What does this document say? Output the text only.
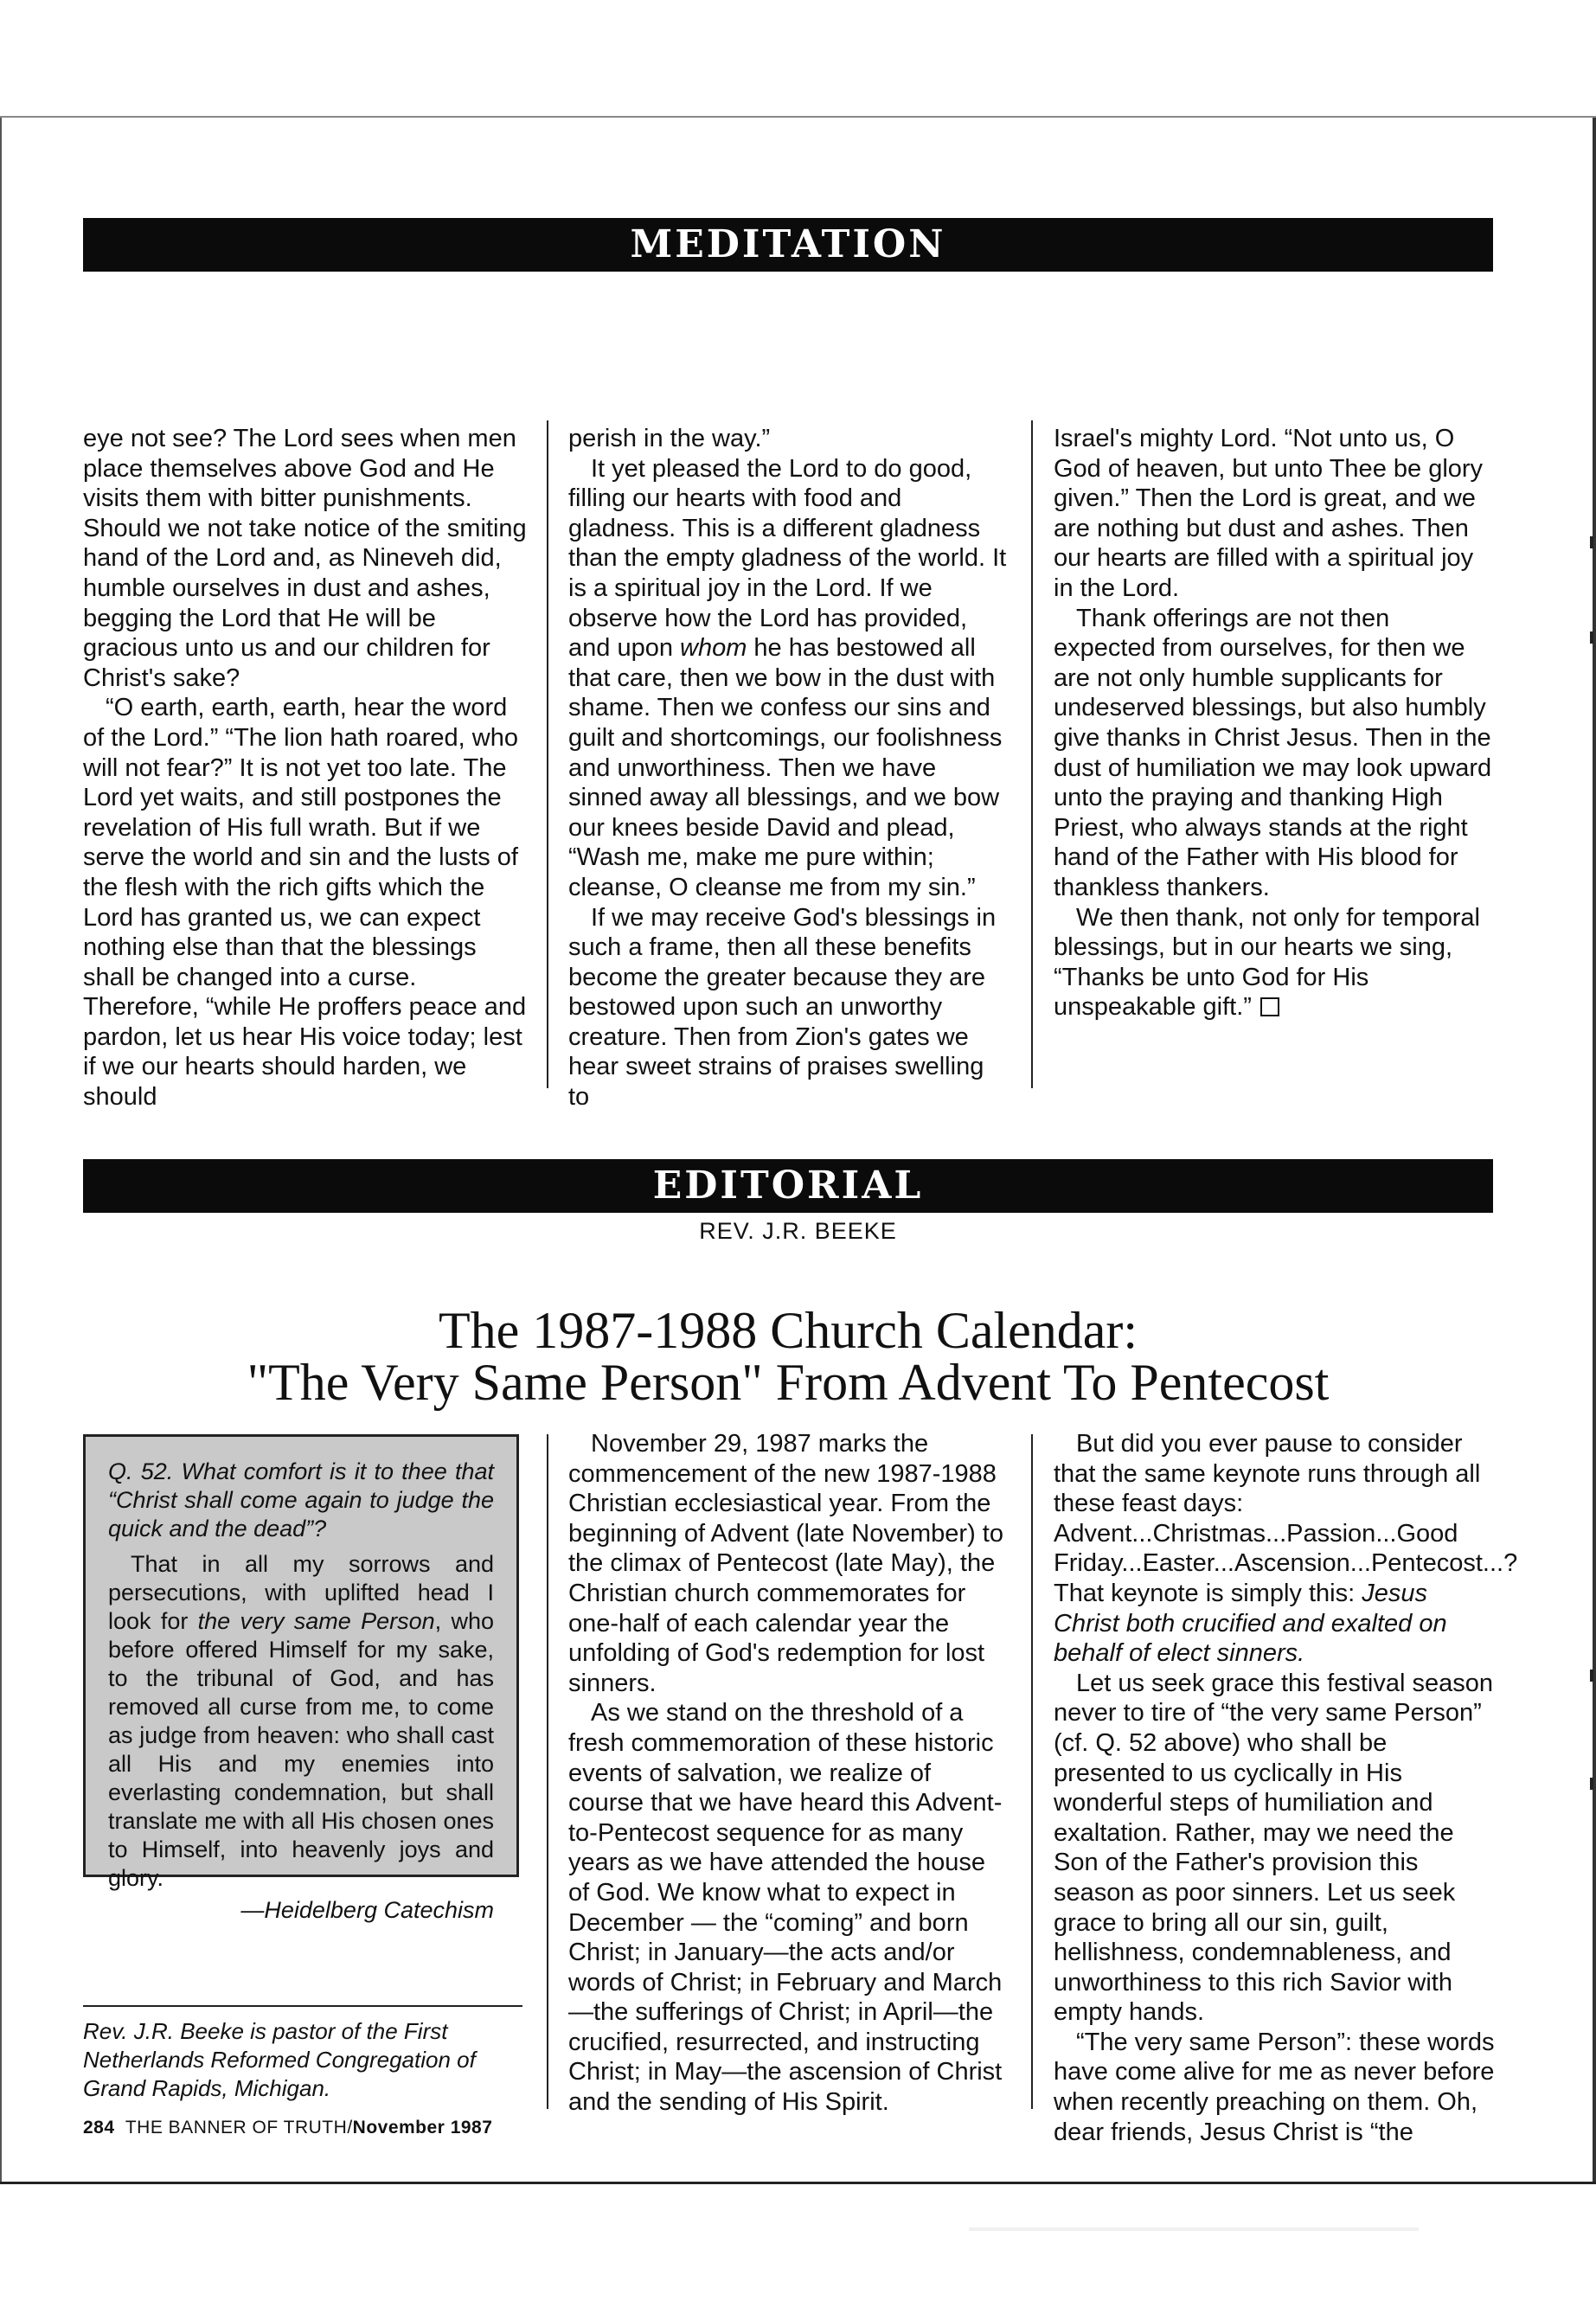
MEDITATION

eye not see? The Lord sees when men place themselves above God and He visits them with bitter punishments. Should we not take notice of the smiting hand of the Lord and, as Nineveh did, humble ourselves in dust and ashes, begging the Lord that He will be gracious unto us and our children for Christ's sake?

“O earth, earth, earth, hear the word of the Lord.” “The lion hath roared, who will not fear?” It is not yet too late. The Lord yet waits, and still postpones the revelation of His full wrath. But if we serve the world and sin and the lusts of the flesh with the rich gifts which the Lord has granted us, we can expect nothing else than that the blessings shall be changed into a curse. Therefore, “while He proffers peace and pardon, let us hear His voice today; lest if we our hearts should harden, we should

perish in the way.”

It yet pleased the Lord to do good, filling our hearts with food and gladness. This is a different gladness than the empty gladness of the world. It is a spiritual joy in the Lord. If we observe how the Lord has provided, and upon whom he has bestowed all that care, then we bow in the dust with shame. Then we confess our sins and guilt and shortcomings, our foolishness and unworthiness. Then we have sinned away all blessings, and we bow our knees beside David and plead, “Wash me, make me pure within; cleanse, O cleanse me from my sin.”

If we may receive God's blessings in such a frame, then all these benefits become the greater because they are bestowed upon such an unworthy creature. Then from Zion's gates we hear sweet strains of praises swelling to

Israel's mighty Lord. “Not unto us, O God of heaven, but unto Thee be glory given.” Then the Lord is great, and we are nothing but dust and ashes. Then our hearts are filled with a spiritual joy in the Lord.

Thank offerings are not then expected from ourselves, for then we are not only humble supplicants for undeserved blessings, but also humbly give thanks in Christ Jesus. Then in the dust of humiliation we may look upward unto the praying and thanking High Priest, who always stands at the right hand of the Father with His blood for thankless thankers.

We then thank, not only for temporal blessings, but in our hearts we sing, “Thanks be unto God for His unspeakable gift.”

EDITORIAL
REV. J.R. BEEKE
The 1987-1988 Church Calendar:
"The Very Same Person" From Advent To Pentecost

Q. 52. What comfort is it to thee that “Christ shall come again to judge the quick and the dead”?

That in all my sorrows and persecutions, with uplifted head I look for the very same Person, who before offered Himself for my sake, to the tribunal of God, and has removed all curse from me, to come as judge from heaven: who shall cast all His and my enemies into everlasting condemnation, but shall translate me with all His chosen ones to Himself, into heavenly joys and glory.

—Heidelberg Catechism

Rev. J.R. Beeke is pastor of the First Netherlands Reformed Congregation of Grand Rapids, Michigan.
284 THE BANNER OF TRUTH/November 1987

November 29, 1987 marks the commencement of the new 1987-1988 Christian ecclesiastical year. From the beginning of Advent (late November) to the climax of Pentecost (late May), the Christian church commemorates for one-half of each calendar year the unfolding of God's redemption for lost sinners.

As we stand on the threshold of a fresh commemoration of these historic events of salvation, we realize of course that we have heard this Advent-to-Pentecost sequence for as many years as we have attended the house of God. We know what to expect in December — the “coming” and born Christ; in January—the acts and/or words of Christ; in February and March—the sufferings of Christ; in April—the crucified, resurrected, and instructing Christ; in May—the ascension of Christ and the sending of His Spirit.

But did you ever pause to consider that the same keynote runs through all these feast days: Advent...Christmas...Passion...Good Friday...Easter...Ascension...Pentecost...? That keynote is simply this: Jesus Christ both crucified and exalted on behalf of elect sinners.

Let us seek grace this festival season never to tire of “the very same Person” (cf. Q. 52 above) who shall be presented to us cyclically in His wonderful steps of humiliation and exaltation. Rather, may we need the Son of the Father's provision this season as poor sinners. Let us seek grace to bring all our sin, guilt, hellishness, condemnableness, and unworthiness to this rich Savior with empty hands.

“The very same Person”: these words have come alive for me as never before when recently preaching on them. Oh, dear friends, Jesus Christ is “the
